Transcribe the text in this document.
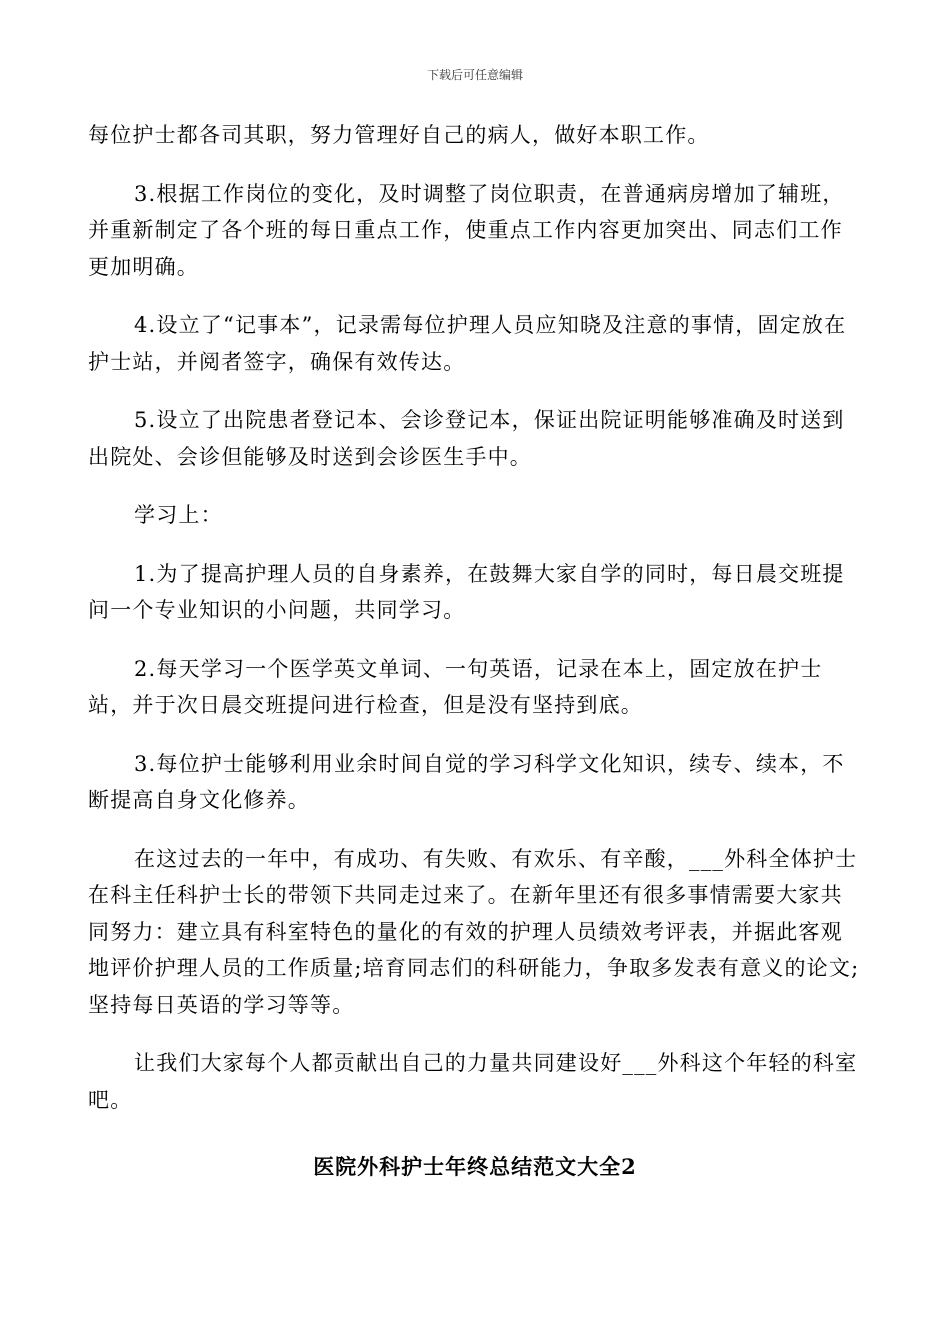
下载后可任意编辑

每位护士都各司其职，努力管理好自己的病人，做好本职工作。

3.根据工作岗位的变化，及时调整了岗位职责，在普通病房增加了辅班，并重新制定了各个班的每日重点工作，使重点工作内容更加突出、同志们工作更加明确。

4.设立了“记事本”，记录需每位护理人员应知晓及注意的事情，固定放在护士站，并阅者签字，确保有效传达。

5.设立了出院患者登记本、会诊登记本，保证出院证明能够准确及时送到出院处、会诊但能够及时送到会诊医生手中。

学习上：

1.为了提高护理人员的自身素养，在鼓舞大家自学的同时，每日晨交班提问一个专业知识的小问题，共同学习。

2.每天学习一个医学英文单词、一句英语，记录在本上，固定放在护士站，并于次日晨交班提问进行检查，但是没有坚持到底。

3.每位护士能够利用业余时间自觉的学习科学文化知识，续专、续本，不断提高自身文化修养。

在这过去的一年中，有成功、有失败、有欢乐、有辛酸，___外科全体护士在科主任科护士长的带领下共同走过来了。在新年里还有很多事情需要大家共同努力：建立具有科室特色的量化的有效的护理人员绩效考评表，并据此客观地评价护理人员的工作质量;培育同志们的科研能力，争取多发表有意义的论文;坚持每日英语的学习等等。

让我们大家每个人都贡献出自己的力量共同建设好___外科这个年轻的科室吧。

医院外科护士年终总结范文大全2
